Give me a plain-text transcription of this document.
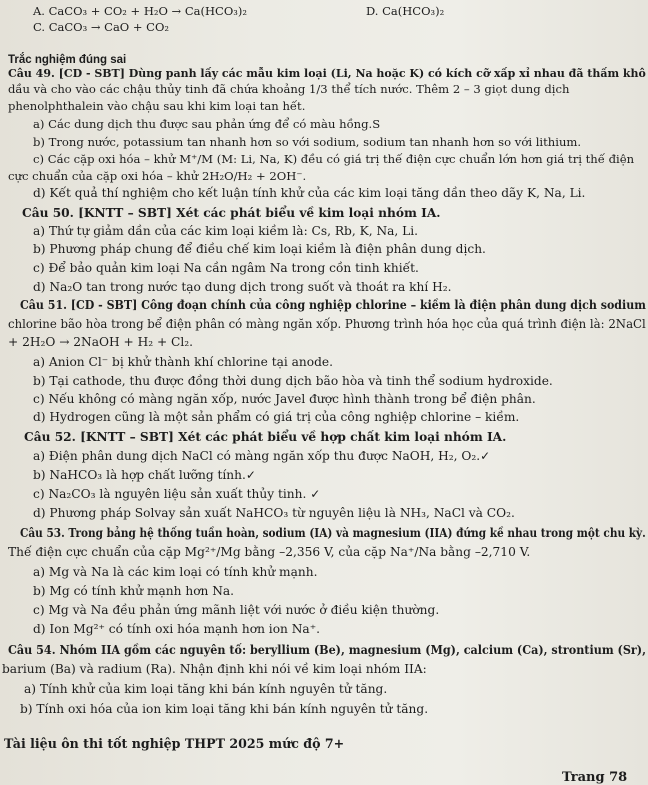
A. CaCO₃ + CO₂ + H₂O → Ca(HCO₃)₂	D. Ca(HCO₃)₂
C. CaCO₃ → CaO + CO₂
Trắc nghiệm đúng sai
Câu 49. [CD - SBT] Dùng panh lấy các mẫu kim loại (Li, Na hoặc K) có kích cỡ xấp xỉ nhau đã thấm khô
dầu và cho vào các chậu thủy tinh đã chứa khoảng 1/3 thể tích nước. Thêm 2 – 3 giọt dung dịch
phenolphthalein vào chậu sau khi kim loại tan hết.
a) Các dung dịch thu được sau phản ứng để có màu hồng.S
b) Trong nước, potassium tan nhanh hơn so với sodium, sodium tan nhanh hơn so với lithium.
c) Các cặp oxi hóa – khử M⁺/M (M: Li, Na, K) đều có giá trị thế điện cực chuẩn lớn hơn giá trị thế điện
cực chuẩn của cặp oxi hóa – khử 2H₂O/H₂ + 2OH⁻.
d) Kết quả thí nghiệm cho kết luận tính khử của các kim loại tăng dần theo dãy K, Na, Li.
Câu 50. [KNTT – SBT] Xét các phát biểu về kim loại nhóm IA.
a) Thứ tự giảm dần của các kim loại kiềm là: Cs, Rb, K, Na, Li.
b) Phương pháp chung để điều chế kim loại kiềm là điện phân dung dịch.
c) Để bảo quản kim loại Na cần ngâm Na trong cồn tinh khiết.
d) Na₂O tan trong nước tạo dung dịch trong suốt và thoát ra khí H₂.
Câu 51. [CD - SBT] Công đoạn chính của công nghiệp chlorine – kiềm là điện phân dung dịch sodium
chlorine bão hòa trong bể điện phân có màng ngăn xốp. Phương trình hóa học của quá trình điện là: 2NaCl
+ 2H₂O → 2NaOH + H₂ + Cl₂.
a) Anion Cl⁻ bị khử thành khí chlorine tại anode.
b) Tại cathode, thu được đồng thời dung dịch bão hòa và tinh thể sodium hydroxide.
c) Nếu không có màng ngăn xốp, nước Javel được hình thành trong bể điện phân.
d) Hydrogen cũng là một sản phẩm có giá trị của công nghiệp chlorine – kiềm.
Câu 52. [KNTT – SBT] Xét các phát biểu về hợp chất kim loại nhóm IA.
a) Điện phân dung dịch NaCl có màng ngăn xốp thu được NaOH, H₂, O₂.✓
b) NaHCO₃ là hợp chất lưỡng tính.✓
c) Na₂CO₃ là nguyên liệu sản xuất thủy tinh. ✓
d) Phương pháp Solvay sản xuất NaHCO₃ từ nguyên liệu là NH₃, NaCl và CO₂.
Câu 53. Trong bảng hệ thống tuần hoàn, sodium (IA) và magnesium (IIA) đứng kề nhau trong một chu kỳ.
Thế điện cực chuẩn của cặp Mg²⁺/Mg bằng –2,356 V, của cặp Na⁺/Na bằng –2,710 V.
a) Mg và Na là các kim loại có tính khử mạnh.
b) Mg có tính khử mạnh hơn Na.
c) Mg và Na đều phản ứng mãnh liệt với nước ở điều kiện thường.
d) Ion Mg²⁺ có tính oxi hóa mạnh hơn ion Na⁺.
Câu 54. Nhóm IIA gồm các nguyên tố: beryllium (Be), magnesium (Mg), calcium (Ca), strontium (Sr),
barium (Ba) và radium (Ra). Nhận định khi nói về kim loại nhóm IIA:
a) Tính khử của kim loại tăng khi bán kính nguyên tử tăng.
b) Tính oxi hóa của ion kim loại tăng khi bán kính nguyên tử tăng.
Tài liệu ôn thi tốt nghiệp THPT 2025 mức độ 7+
Trang 78
